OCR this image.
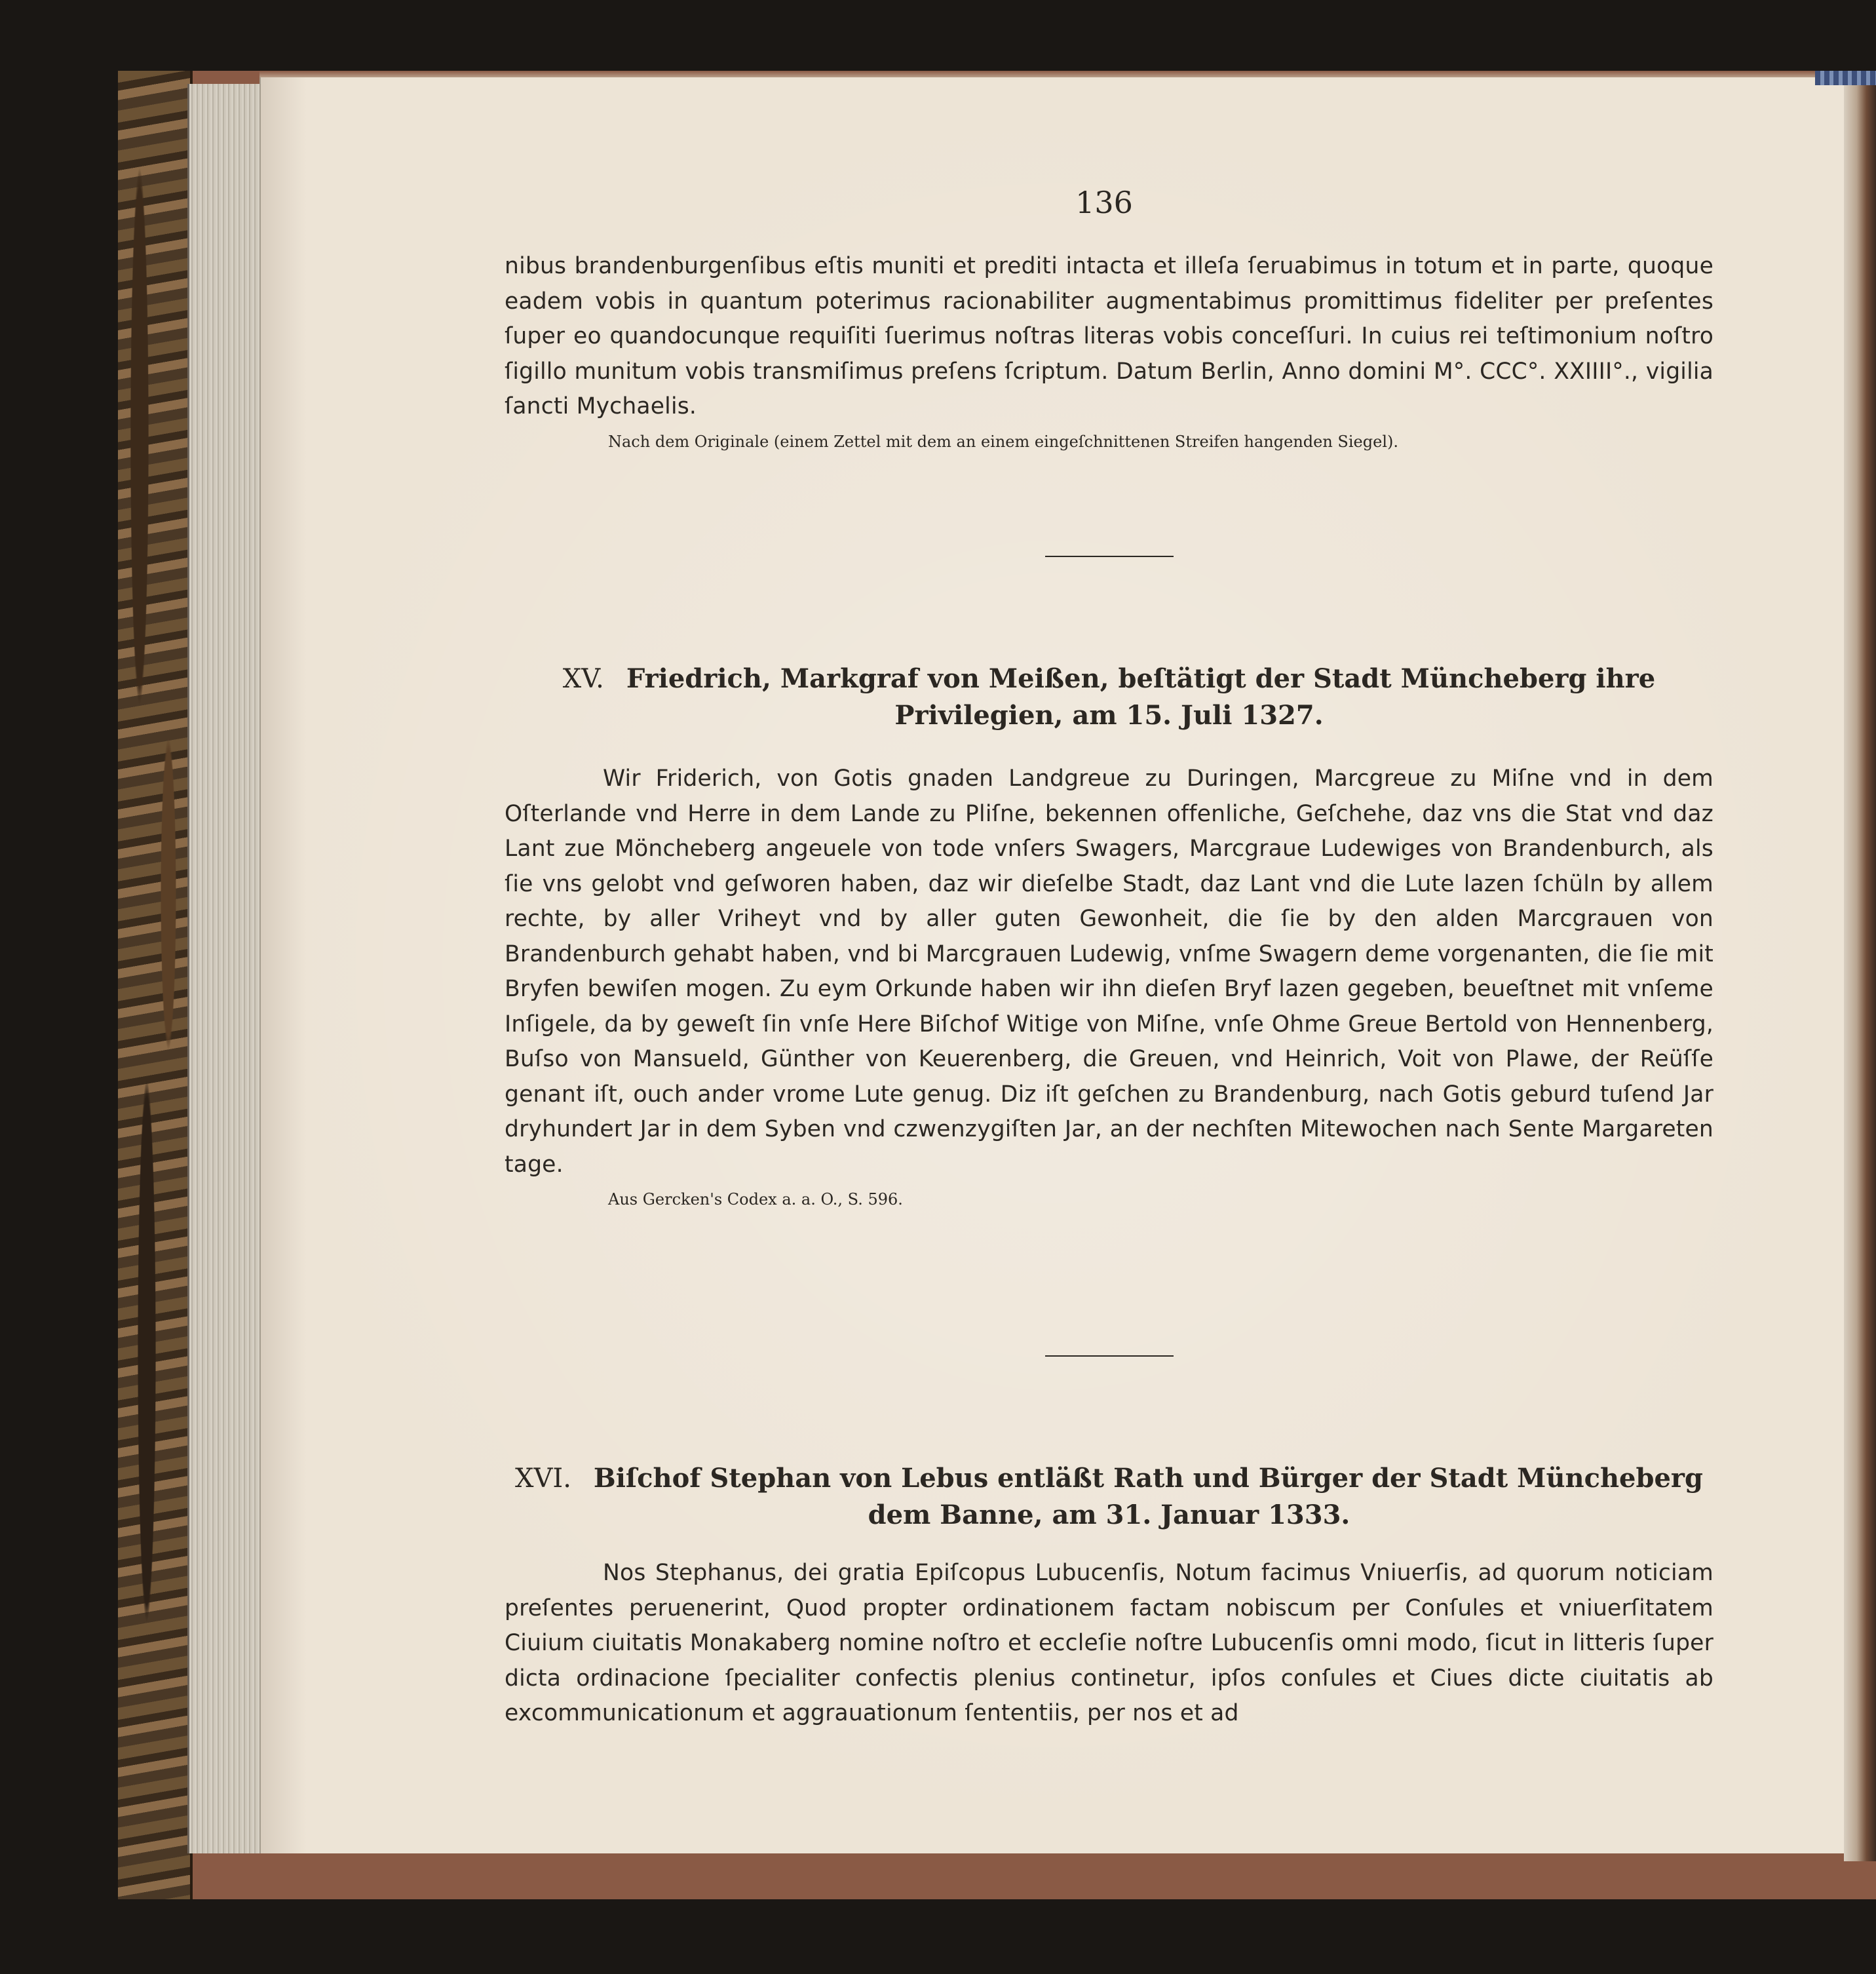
136

nibus brandenburgenſibus eſtis muniti et prediti intacta et illeſa ſeruabimus in totum et in parte, quoque eadem vobis in quantum poterimus racionabiliter augmentabimus promittimus fideliter per preſentes ſuper eo quandocunque requiſiti ſuerimus noſtras literas vobis conceſſuri. In cuius rei teſtimonium noſtro ſigillo munitum vobis transmiſimus preſens ſcriptum. Datum Berlin, Anno domini M°. CCC°. XXIIII°., vigilia ſancti Mychaelis.

Nach dem Originale (einem Zettel mit dem an einem eingeſchnittenen Streifen hangenden Siegel).

XV. Friedrich, Markgraf von Meißen, beſtätigt der Stadt Müncheberg ihre Privilegien, am 15. Juli 1327.

Wir Friderich, von Gotis gnaden Landgreue zu Duringen, Marcgreue zu Miſne vnd in dem Oſterlande vnd Herre in dem Lande zu Pliſne, bekennen offenliche, Geſchehe, daz vns die Stat vnd daz Lant zue Möncheberg angeuele von tode vnſers Swagers, Marcgraue Ludewiges von Brandenburch, als ſie vns gelobt vnd geſworen haben, daz wir dieſelbe Stadt, daz Lant vnd die Lute lazen ſchüln by allem rechte, by aller Vriheyt vnd by aller guten Gewonheit, die ſie by den alden Marcgrauen von Brandenburch gehabt haben, vnd bi Marcgrauen Ludewig, vnſme Swagern deme vorgenanten, die ſie mit Bryfen bewiſen mogen. Zu eym Orkunde haben wir ihn dieſen Bryf lazen gegeben, beueſtnet mit vnſeme Inſigele, da by geweſt ſin vnſe Here Biſchof Witige von Miſne, vnſe Ohme Greue Bertold von Hennenberg, Buſso von Mansueld, Günther von Keuerenberg, die Greuen, vnd Heinrich, Voit von Plawe, der Reüſſe genant iſt, ouch ander vrome Lute genug. Diz iſt geſchen zu Brandenburg, nach Gotis geburd tuſend Jar dryhundert Jar in dem Syben vnd czwenzygiſten Jar, an der nechſten Mitewochen nach Sente Margareten tage.

Aus Gercken's Codex a. a. O., S. 596.

XVI. Biſchof Stephan von Lebus entläßt Rath und Bürger der Stadt Müncheberg dem Banne, am 31. Januar 1333.

Nos Stephanus, dei gratia Epiſcopus Lubucenſis, Notum facimus Vniuerſis, ad quorum noticiam preſentes peruenerint, Quod propter ordinationem factam nobiscum per Conſules et vniuerſitatem Ciuium ciuitatis Monakaberg nomine noſtro et eccleſie noſtre Lubucenſis omni modo, ſicut in litteris ſuper dicta ordinacione ſpecialiter confectis plenius continetur, ipſos conſules et Ciues dicte ciuitatis ab excommunicationum et aggrauationum ſententiis, per nos et ad
